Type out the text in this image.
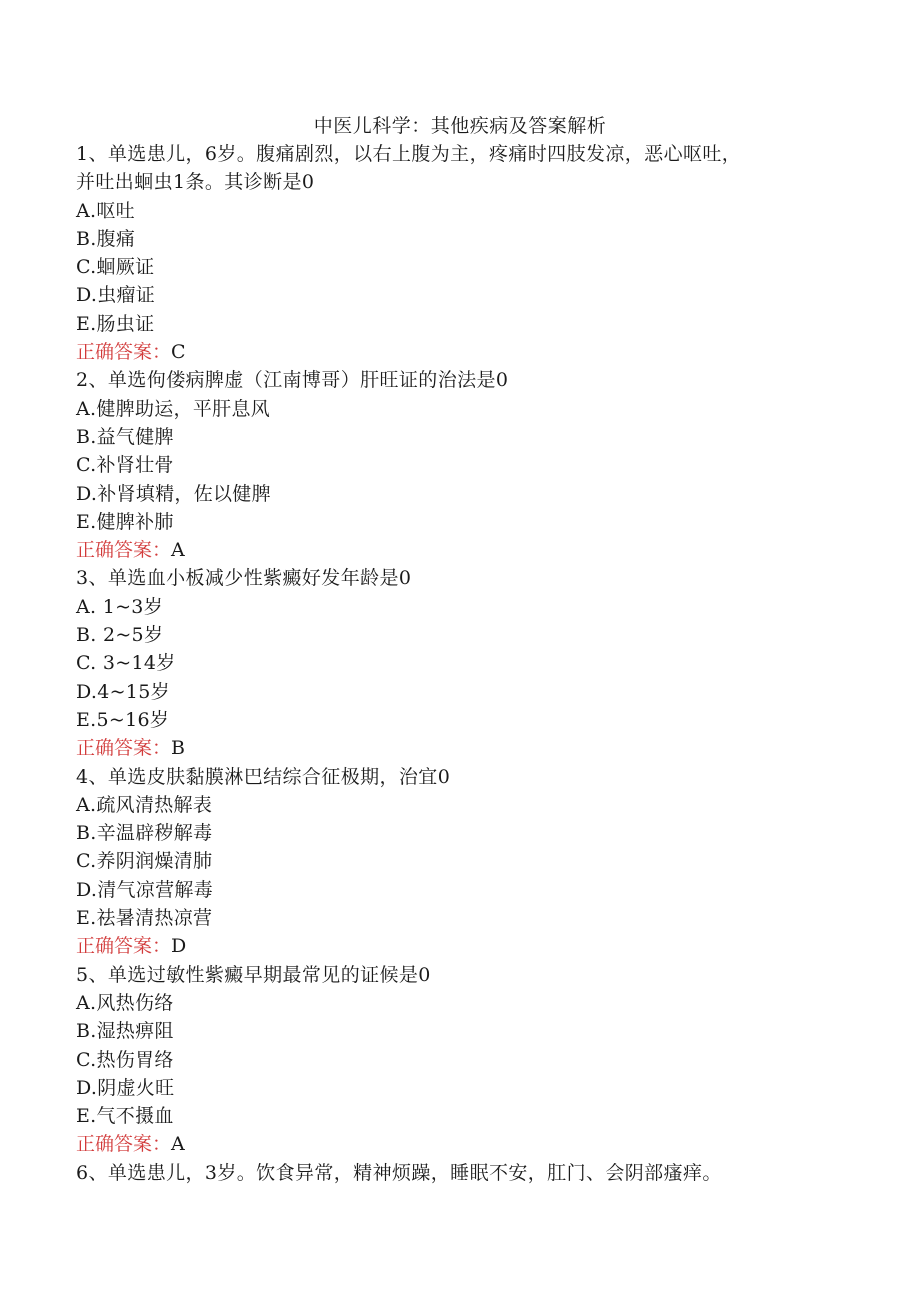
中医儿科学：其他疾病及答案解析
1、单选患儿，6岁。腹痛剧烈，以右上腹为主，疼痛时四肢发凉，恶心呕吐，
并吐出蛔虫1条。其诊断是0
A.呕吐
B.腹痛
C.蛔厥证
D.虫瘤证
E.肠虫证
正确答案：C
2、单选佝偻病脾虚（江南博哥）肝旺证的治法是0
A.健脾助运，平肝息风
B.益气健脾
C.补肾壮骨
D.补肾填精，佐以健脾
E.健脾补肺
正确答案：A
3、单选血小板减少性紫癜好发年龄是0
A. 1~3岁
B. 2~5岁
C. 3~14岁
D.4~15岁
E.5~16岁
正确答案：B
4、单选皮肤黏膜淋巴结综合征极期，治宜0
A.疏风清热解表
B.辛温辟秽解毒
C.养阴润燥清肺
D.清气凉营解毒
E.祛暑清热凉营
正确答案：D
5、单选过敏性紫癜早期最常见的证候是0
A.风热伤络
B.湿热痹阻
C.热伤胃络
D.阴虚火旺
E.气不摄血
正确答案：A
6、单选患儿，3岁。饮食异常，精神烦躁，睡眠不安，肛门、会阴部瘙痒。
